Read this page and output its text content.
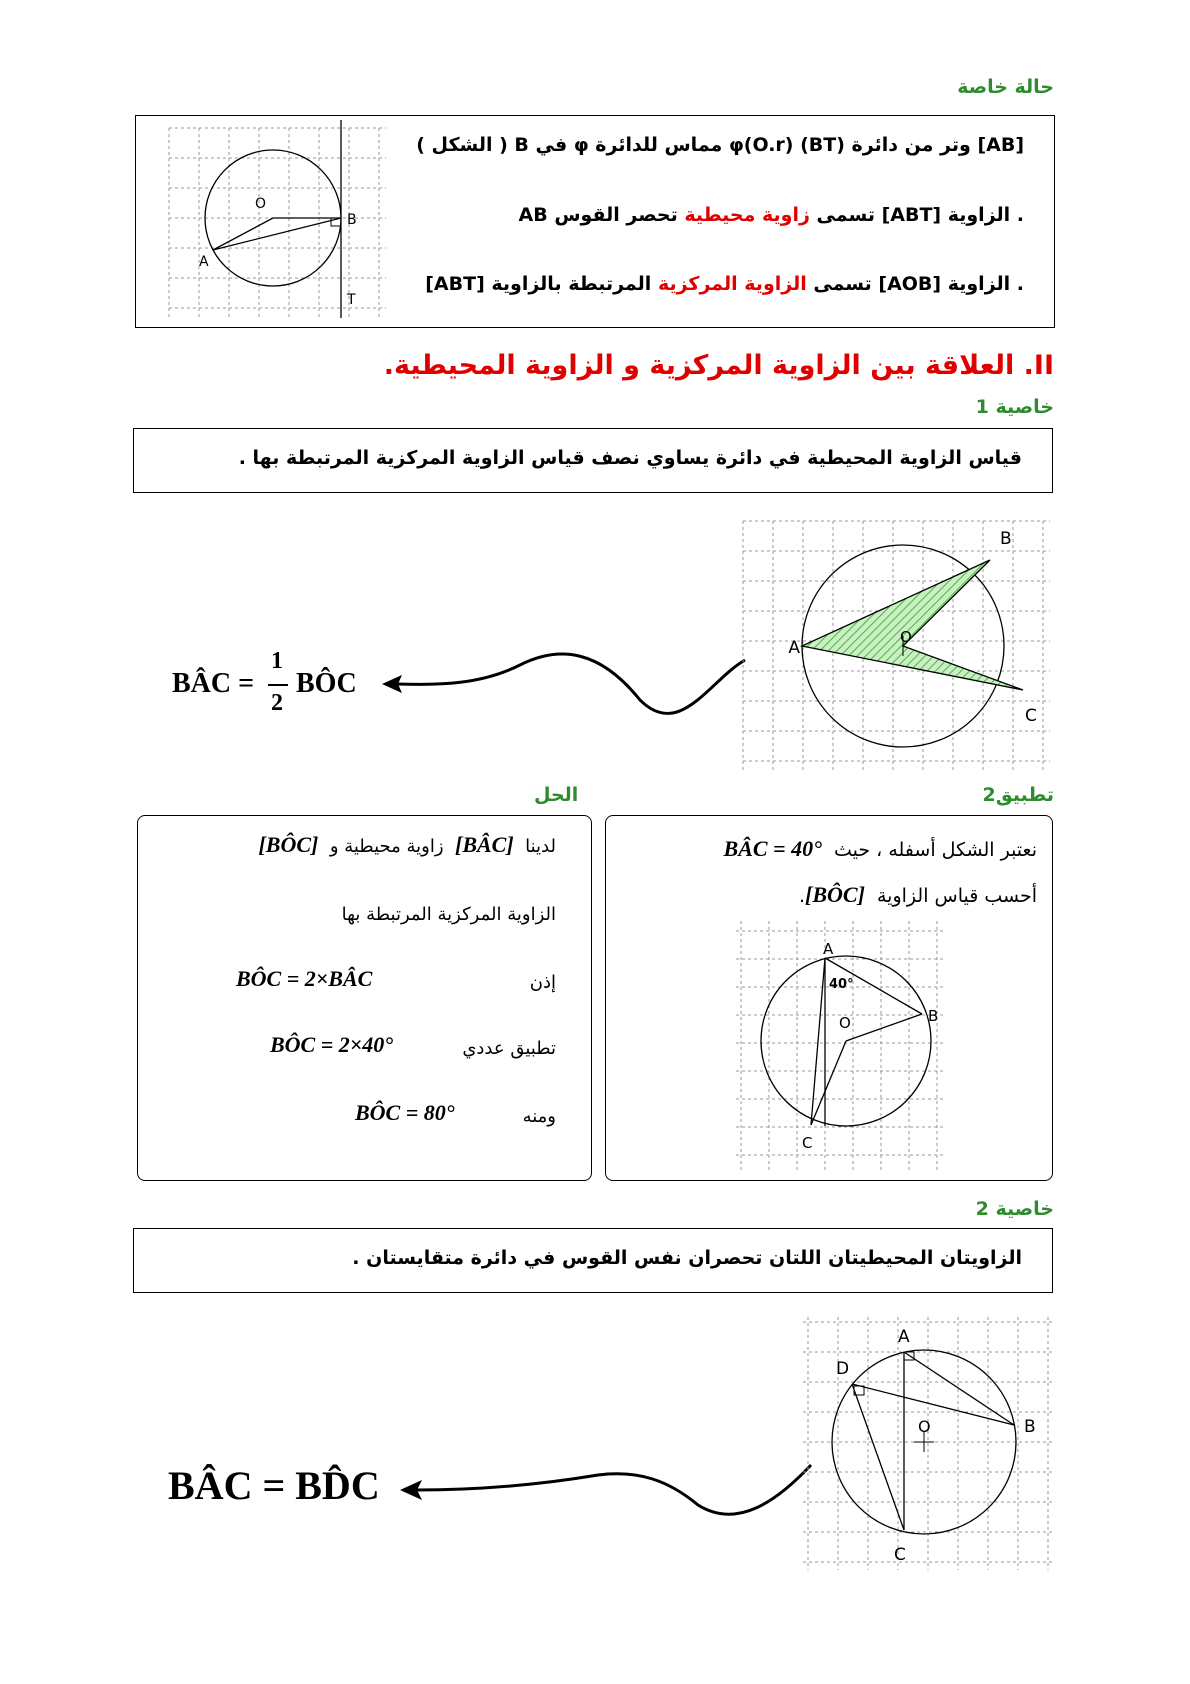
حالة خاصة
[AB] وتر من دائرة φ(O.r) (BT) مماس للدائرة φ في B ( الشكل )
. الزاوية [ABT] تسمى زاوية محيطية تحصر القوس AB
. الزاوية [AOB] تسمى الزاوية المركزية المرتبطة بالزاوية [ABT]
O
B
A
T
II. العلاقة بين الزاوية المركزية و الزاوية المحيطية.
خاصية 1
قياس الزاوية المحيطية في دائرة يساوي نصف قياس الزاوية المركزية المرتبطة بها .
BÂC =
1
2
BÔC
O
A
B
C
تطبيق2
الحل
نعتبر الشكل أسفله ، حيث  BÂC = 40°
أحسب قياس الزاوية  [BÔC].
A
B
C
O
40°
لدينا  [BÂC]  زاوية محيطية و  [BÔC]
الزاوية المركزية المرتبطة بها
إذن
BÔC = 2×BÂC
تطبيق عددي
BÔC = 2×40°
ومنه
BÔC = 80°
خاصية 2
الزاويتان المحيطيتان اللتان تحصران نفس القوس في دائرة متقايستان .
BÂC = BD̂C
A
D
B
O
C
